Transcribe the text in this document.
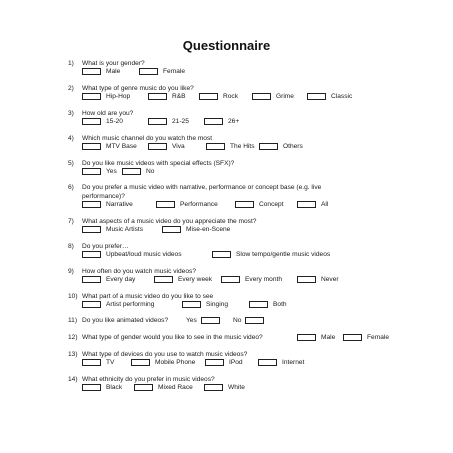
Questionnaire
1) What is your gender?
Male	Female
2) What type of genre music do you like?
Hip-Hop	R&B	Rock	Grime	Classic
3) How old are you?
15-20	21-25	26+
4) Which music channel do you watch the most
MTV Base	Viva	The Hits	Others
5) Do you like music videos with special effects (SFX)?
Yes	No
6) Do you prefer a music video with narrative, performance or concept base (e.g. live
performance)?
Narrative	Performance	Concept	All
7) What aspects of a music video do you appreciate the most?
Music Artists	Mise-en-Scene
8) Do you prefer…
Upbeat/loud music videos	Slow tempo/gentle music videos
9) How often do you watch music videos?
Every day	Every week	Every month	Never
10) What part of a music video do you like to see
Artist performing	Singing	Both
11) Do you like animated videos?	Yes	No
12) What type of gender would you like to see in the music video?	Male	Female
13) What type of devices do you use to watch music videos?
TV	Mobile Phone	IPod	Internet
14) What ethnicity do you prefer in music videos?
Black	Mixed Race	White
